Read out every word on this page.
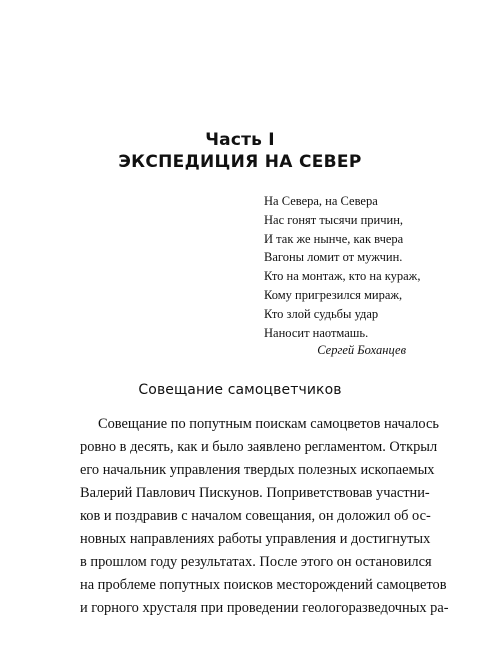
Часть I
ЭКСПЕДИЦИЯ НА СЕВЕР
На Севера, на Севера
Нас гонят тысячи причин,
И так же нынче, как вчера
Вагоны ломит от мужчин.
Кто на монтаж, кто на кураж,
Кому пригрезился мираж,
Кто злой судьбы удар
Наносит наотмашь.
Сергей Боханцев
Совещание самоцветчиков
Совещание по попутным поискам самоцветов началось
ровно в десять, как и было заявлено регламентом. Открыл
его начальник управления твердых полезных ископаемых
Валерий Павлович Пискунов. Поприветствовав участни-
ков и поздравив с началом совещания, он доложил об ос-
новных направлениях работы управления и достигнутых
в прошлом году результатах. После этого он остановился
на проблеме попутных поисков месторождений самоцветов
и горного хрусталя при проведении геологоразведочных ра-
